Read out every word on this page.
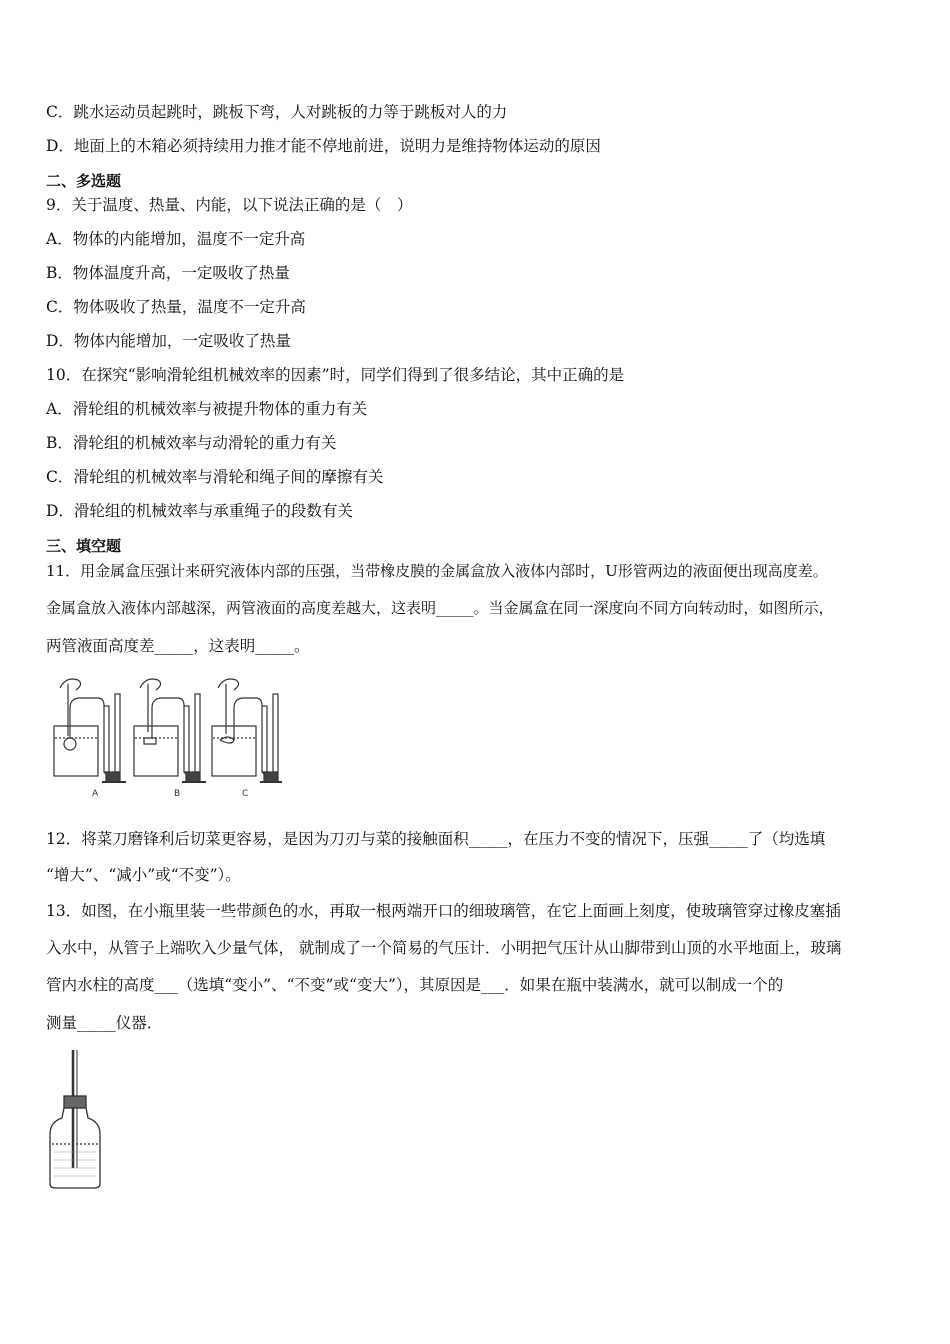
C．跳水运动员起跳时，跳板下弯，人对跳板的力等于跳板对人的力
D．地面上的木箱必须持续用力推才能不停地前进，说明力是维持物体运动的原因
二、多选题
9．关于温度、热量、内能，以下说法正确的是（　）
A．物体的内能增加，温度不一定升高
B．物体温度升高，一定吸收了热量
C．物体吸收了热量，温度不一定升高
D．物体内能增加，一定吸收了热量
10．在探究“影响滑轮组机械效率的因素”时，同学们得到了很多结论，其中正确的是
A．滑轮组的机械效率与被提升物体的重力有关
B．滑轮组的机械效率与动滑轮的重力有关
C．滑轮组的机械效率与滑轮和绳子间的摩擦有关
D．滑轮组的机械效率与承重绳子的段数有关
三、填空题
11．用金属盒压强计来研究液体内部的压强，当带橡皮膜的金属盒放入液体内部时，U形管两边的液面便出现高度差。
金属盒放入液体内部越深，两管液面的高度差越大，这表明_____。当金属盒在同一深度向不同方向转动时，如图所示，
两管液面高度差_____，这表明_____。
A	B	C
12．将菜刀磨锋利后切菜更容易，是因为刀刃与菜的接触面积_____，在压力不变的情况下，压强_____了（均选填
“增大”、“减小”或“不变”）。
13．如图，在小瓶里装一些带颜色的水，再取一根两端开口的细玻璃管，在它上面画上刻度，使玻璃管穿过橡皮塞插
入水中，从管子上端吹入少量气体， 就制成了一个简易的气压计．小明把气压计从山脚带到山顶的水平地面上，玻璃
管内水柱的高度___（选填“变小”、“不变”或“变大”），其原因是___．如果在瓶中装满水，就可以制成一个的
测量_____仪器．
